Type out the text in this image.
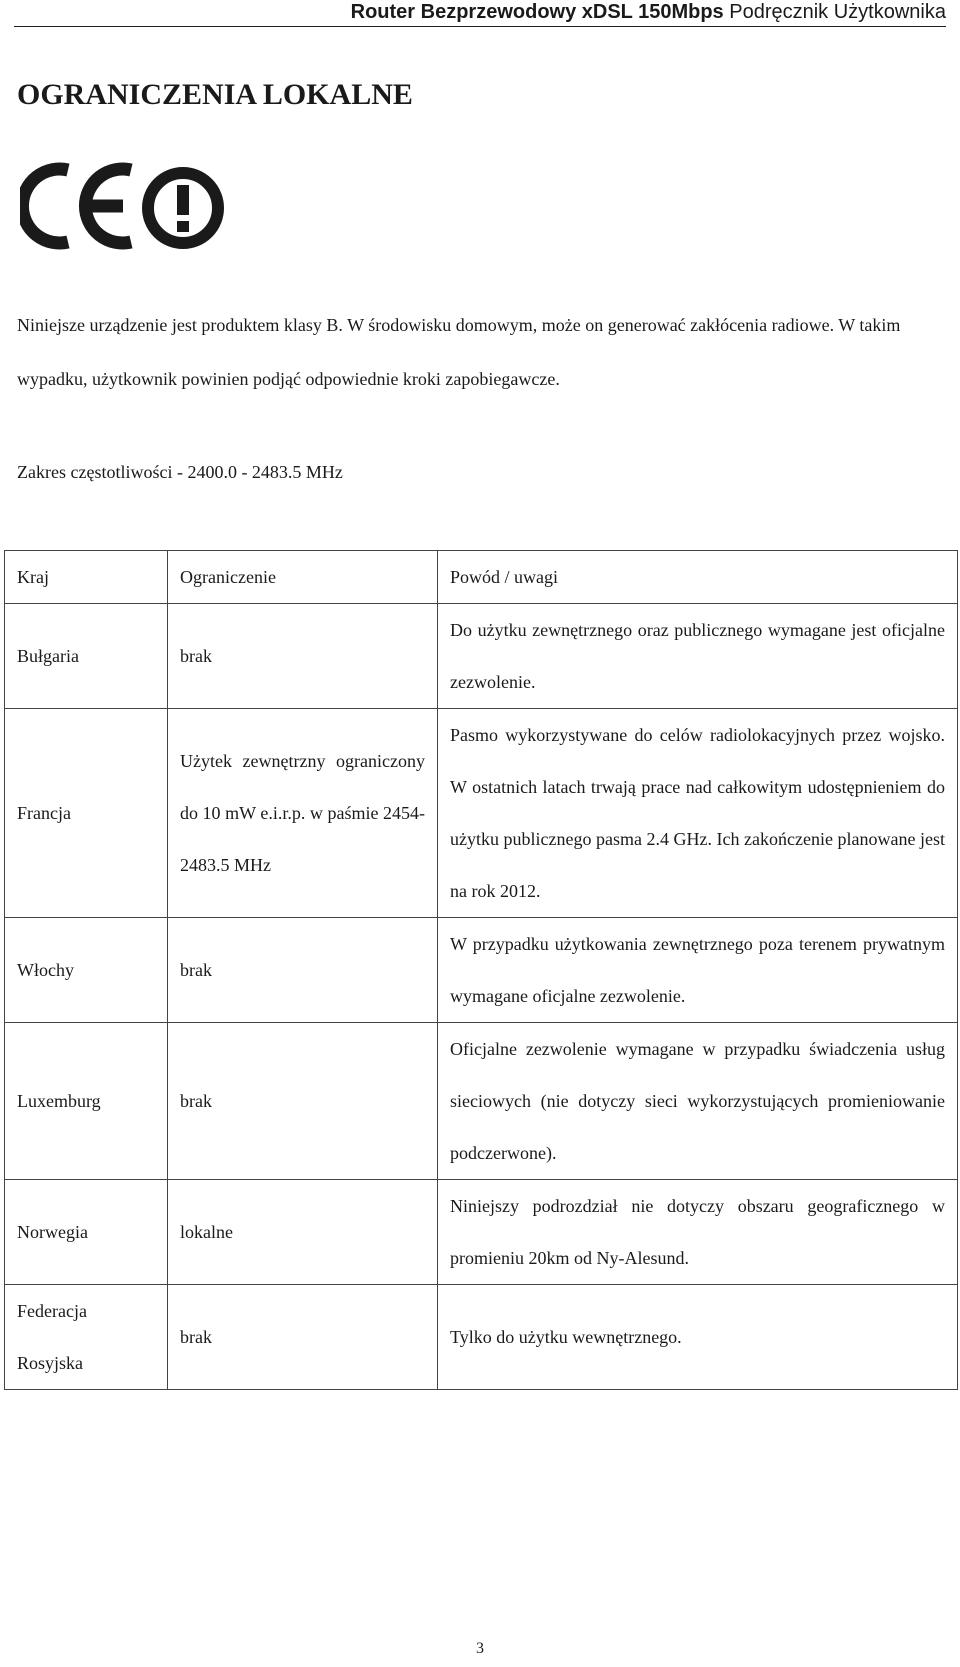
Router Bezprzewodowy xDSL 150Mbps Podręcznik Użytkownika
OGRANICZENIA LOKALNE

Niniejsze urządzenie jest produktem klasy B. W środowisku domowym, może on generować zakłócenia radiowe. W takim wypadku, użytkownik powinien podjąć odpowiednie kroki zapobiegawcze.

Zakres częstotliwości - 2400.0 - 2483.5 MHz

Kraj	Ograniczenie	Powód / uwagi
Bułgaria	brak	Do użytku zewnętrznego oraz publicznego wymagane jest oficjalne zezwolenie.
Francja	Użytek zewnętrzny ograniczony do 10 mW e.i.r.p. w paśmie 2454-2483.5 MHz	Pasmo wykorzystywane do celów radiolokacyjnych przez wojsko. W ostatnich latach trwają prace nad całkowitym udostępnieniem do użytku publicznego pasma 2.4 GHz. Ich zakończenie planowane jest na rok 2012.
Włochy	brak	W przypadku użytkowania zewnętrznego poza terenem prywatnym wymagane oficjalne zezwolenie.
Luxemburg	brak	Oficjalne zezwolenie wymagane w przypadku świadczenia usług sieciowych (nie dotyczy sieci wykorzystujących promieniowanie podczerwone).
Norwegia	lokalne	Niniejszy podrozdział nie dotyczy obszaru geograficznego w promieniu 20km od Ny-Alesund.
Federacja Rosyjska	brak	Tylko do użytku wewnętrznego.
3
